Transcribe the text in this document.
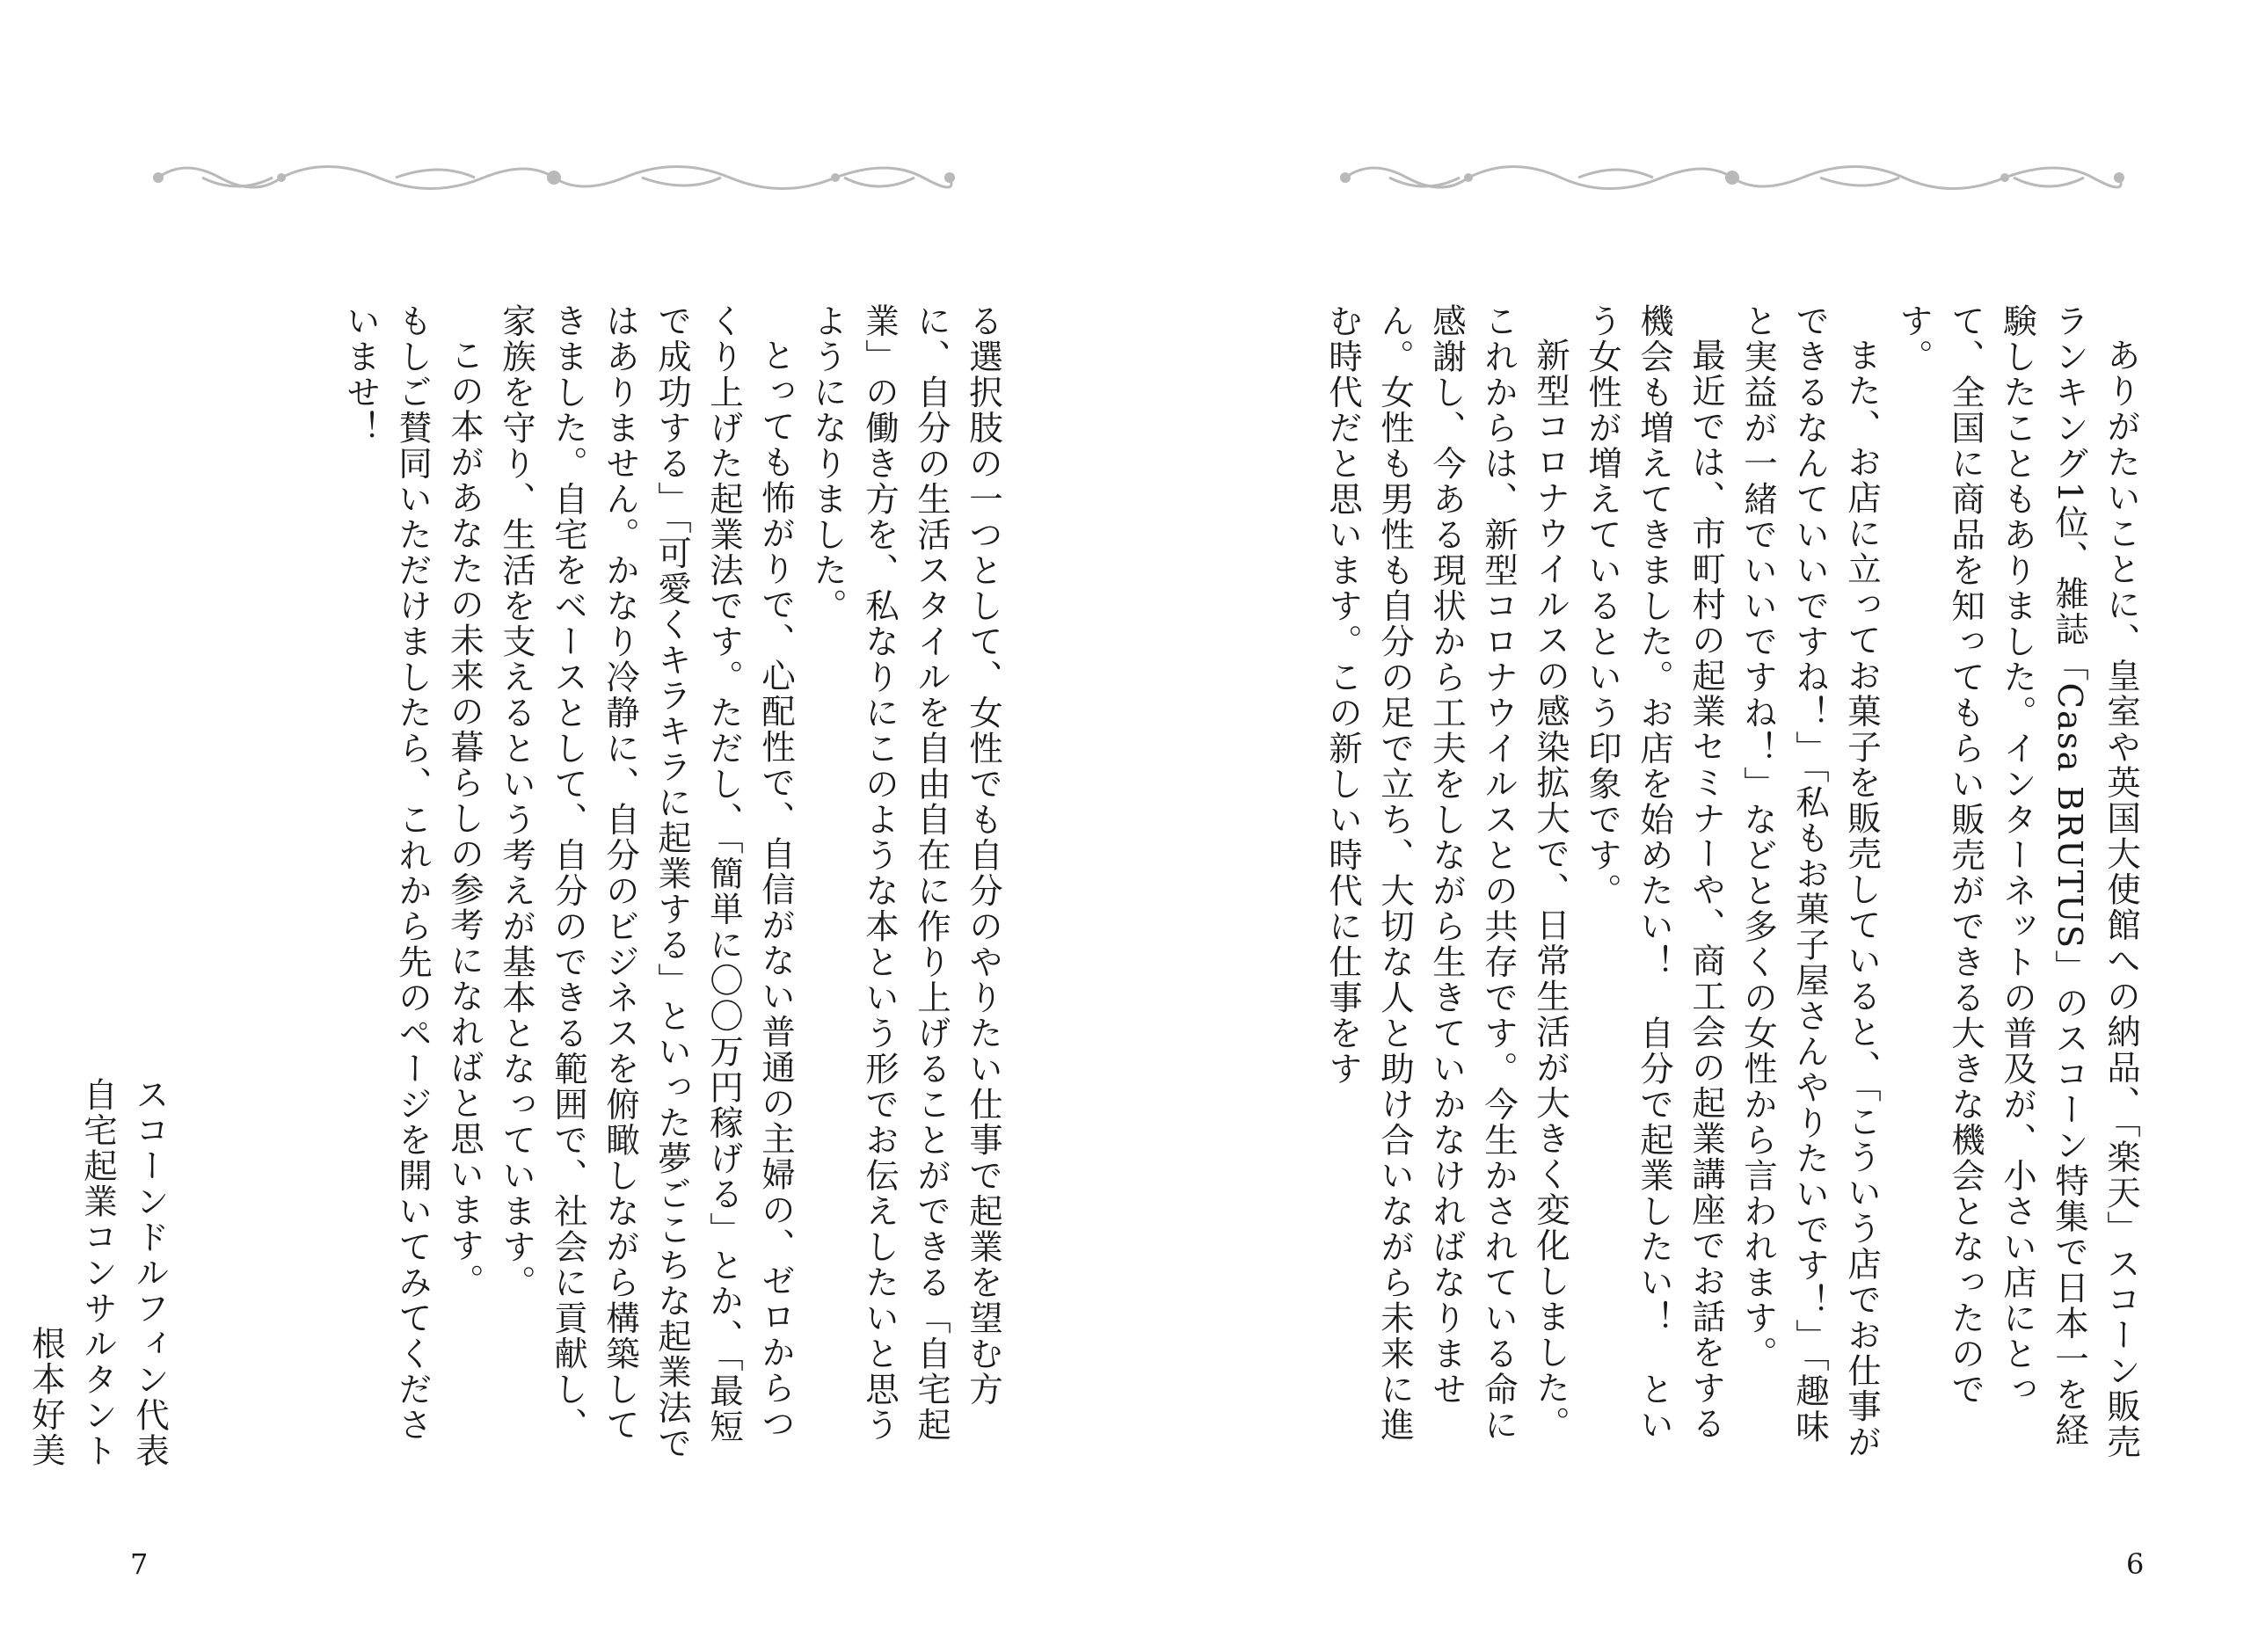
る選択肢の一つとして、女性でも自分のやりたい仕事で起業を望む方に、自分の生活スタイルを自由自在に作り上げることができる「自宅起業」の働き方を、私なりにこのような本という形でお伝えしたいと思うようになりました。

とっても怖がりで、心配性で、自信がない普通の主婦の、ゼロからつくり上げた起業法です。ただし、「簡単に〇〇万円稼げる」とか、「最短で成功する」「可愛くキラキラに起業する」といった夢ごこちな起業法ではありません。かなり冷静に、自分のビジネスを俯瞰しながら構築してきました。自宅をベースとして、自分のできる範囲で、社会に貢献し、家族を守り、生活を支えるという考えが基本となっています。

この本があなたの未来の暮らしの参考になればと思います。

もしご賛同いただけましたら、これから先のページを開いてみてくださいませ！

スコーンドルフィン代表

自宅起業コンサルタント

根本好美

7

ありがたいことに、皇室や英国大使館への納品、「楽天」スコーン販売ランキング1位、雑誌「Casa BRUTUS」のスコーン特集で日本一を経験したこともありました。インターネットの普及が、小さい店にとって、全国に商品を知ってもらい販売ができる大きな機会となったのです。

また、お店に立ってお菓子を販売していると、「こういう店でお仕事ができるなんていいですね！」「私もお菓子屋さんやりたいです！」「趣味と実益が一緒でいいですね！」などと多くの女性から言われます。

最近では、市町村の起業セミナーや、商工会の起業講座でお話をする機会も増えてきました。お店を始めたい！　自分で起業したい！　という女性が増えているという印象です。

新型コロナウイルスの感染拡大で、日常生活が大きく変化しました。これからは、新型コロナウイルスとの共存です。今生かされている命に感謝し、今ある現状から工夫をしながら生きていかなければなりません。女性も男性も自分の足で立ち、大切な人と助け合いながら未来に進む時代だと思います。この新しい時代に仕事をす

6
